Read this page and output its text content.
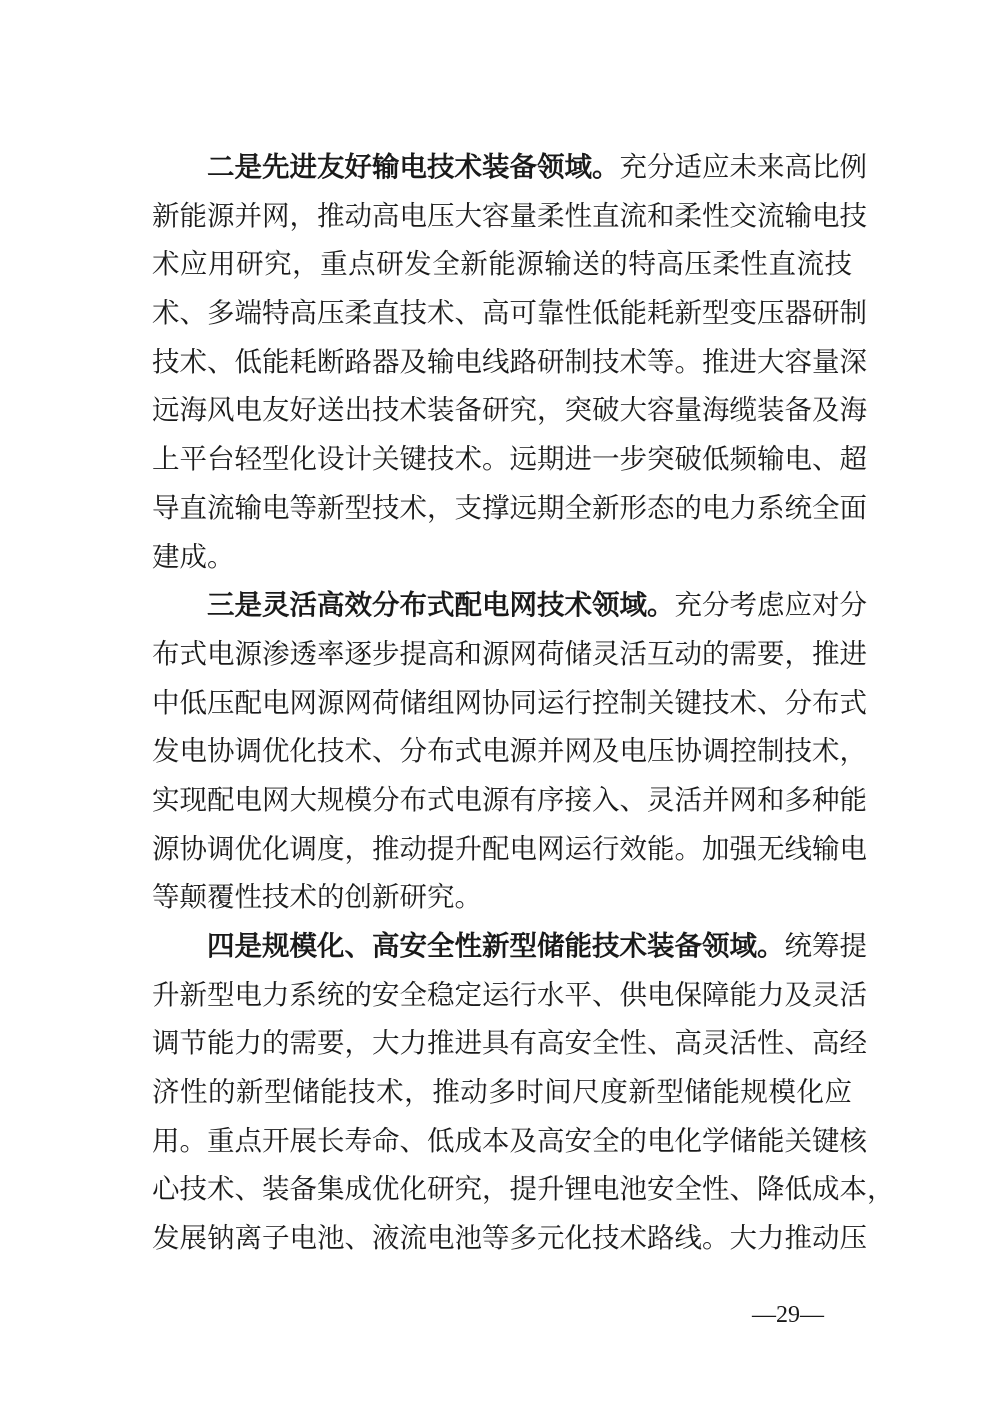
二是先进友好输电技术装备领域。充分适应未来高比例
新能源并网，推动高电压大容量柔性直流和柔性交流输电技
术应用研究，重点研发全新能源输送的特高压柔性直流技
术、多端特高压柔直技术、高可靠性低能耗新型变压器研制
技术、低能耗断路器及输电线路研制技术等。推进大容量深
远海风电友好送出技术装备研究，突破大容量海缆装备及海
上平台轻型化设计关键技术。远期进一步突破低频输电、超
导直流输电等新型技术，支撑远期全新形态的电力系统全面
建成。
三是灵活高效分布式配电网技术领域。充分考虑应对分
布式电源渗透率逐步提高和源网荷储灵活互动的需要，推进
中低压配电网源网荷储组网协同运行控制关键技术、分布式
发电协调优化技术、分布式电源并网及电压协调控制技术，
实现配电网大规模分布式电源有序接入、灵活并网和多种能
源协调优化调度，推动提升配电网运行效能。加强无线输电
等颠覆性技术的创新研究。
四是规模化、高安全性新型储能技术装备领域。统筹提
升新型电力系统的安全稳定运行水平、供电保障能力及灵活
调节能力的需要，大力推进具有高安全性、高灵活性、高经
济性的新型储能技术，推动多时间尺度新型储能规模化应
用。重点开展长寿命、低成本及高安全的电化学储能关键核
心技术、装备集成优化研究，提升锂电池安全性、降低成本，
发展钠离子电池、液流电池等多元化技术路线。大力推动压
—29—
